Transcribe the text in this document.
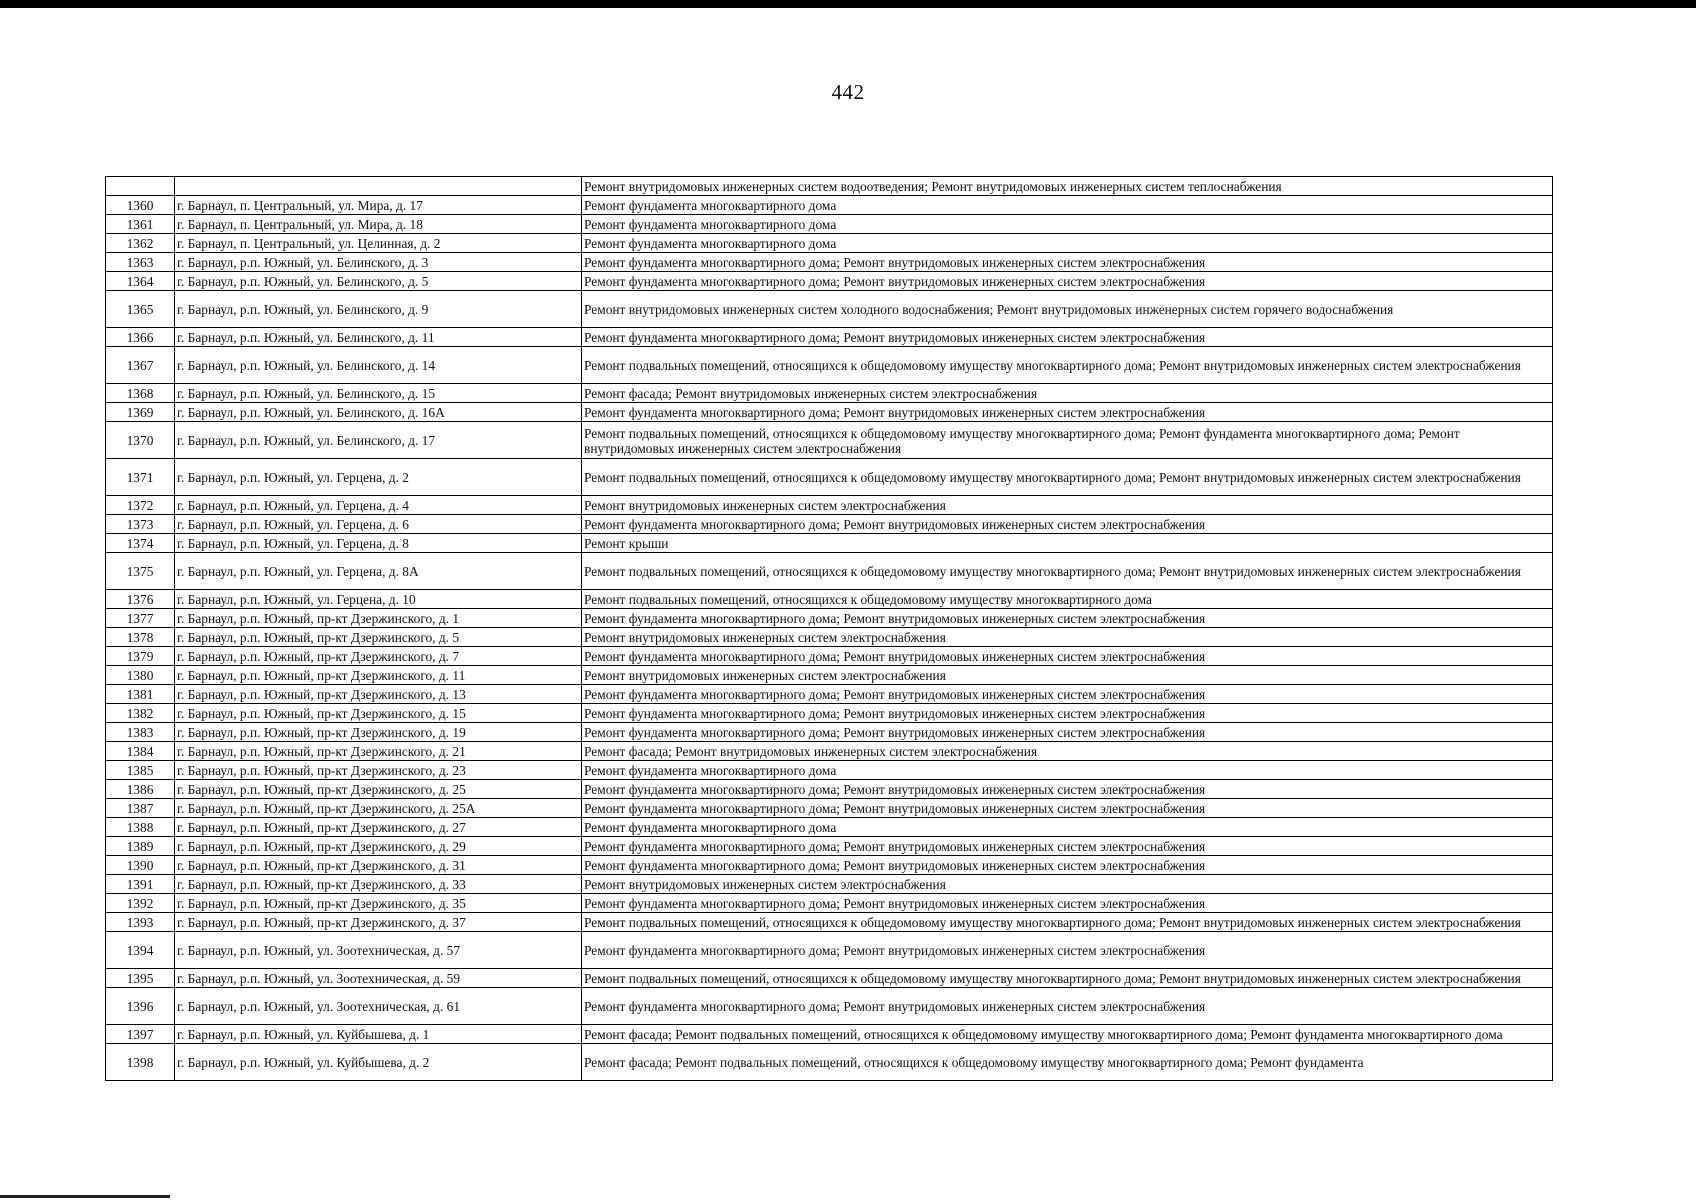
442
		Ремонт внутридомовых инженерных систем водоотведения; Ремонт внутридомовых инженерных систем теплоснабжения
1360	г. Барнаул, п. Центральный, ул. Мира, д. 17	Ремонт фундамента многоквартирного дома
1361	г. Барнаул, п. Центральный, ул. Мира, д. 18	Ремонт фундамента многоквартирного дома
1362	г. Барнаул, п. Центральный, ул. Целинная, д. 2	Ремонт фундамента многоквартирного дома
1363	г. Барнаул, р.п. Южный, ул. Белинского, д. 3	Ремонт фундамента многоквартирного дома; Ремонт внутридомовых инженерных систем электроснабжения
1364	г. Барнаул, р.п. Южный, ул. Белинского, д. 5	Ремонт фундамента многоквартирного дома; Ремонт внутридомовых инженерных систем электроснабжения
1365	г. Барнаул, р.п. Южный, ул. Белинского, д. 9	Ремонт внутридомовых инженерных систем холодного водоснабжения; Ремонт внутридомовых инженерных систем горячего водоснабжения
1366	г. Барнаул, р.п. Южный, ул. Белинского, д. 11	Ремонт фундамента многоквартирного дома; Ремонт внутридомовых инженерных систем электроснабжения
1367	г. Барнаул, р.п. Южный, ул. Белинского, д. 14	Ремонт подвальных помещений, относящихся к общедомовому имуществу многоквартирного дома; Ремонт внутридомовых инженерных систем электроснабжения
1368	г. Барнаул, р.п. Южный, ул. Белинского, д. 15	Ремонт фасада; Ремонт внутридомовых инженерных систем электроснабжения
1369	г. Барнаул, р.п. Южный, ул. Белинского, д. 16А	Ремонт фундамента многоквартирного дома; Ремонт внутридомовых инженерных систем электроснабжения
1370	г. Барнаул, р.п. Южный, ул. Белинского, д. 17	Ремонт подвальных помещений, относящихся к общедомовому имуществу многоквартирного дома; Ремонт фундамента многоквартирного дома; Ремонт внутридомовых инженерных систем электроснабжения
1371	г. Барнаул, р.п. Южный, ул. Герцена, д. 2	Ремонт подвальных помещений, относящихся к общедомовому имуществу многоквартирного дома; Ремонт внутридомовых инженерных систем электроснабжения
1372	г. Барнаул, р.п. Южный, ул. Герцена, д. 4	Ремонт внутридомовых инженерных систем электроснабжения
1373	г. Барнаул, р.п. Южный, ул. Герцена, д. 6	Ремонт фундамента многоквартирного дома; Ремонт внутридомовых инженерных систем электроснабжения
1374	г. Барнаул, р.п. Южный, ул. Герцена, д. 8	Ремонт крыши
1375	г. Барнаул, р.п. Южный, ул. Герцена, д. 8А	Ремонт подвальных помещений, относящихся к общедомовому имуществу многоквартирного дома; Ремонт внутридомовых инженерных систем электроснабжения
1376	г. Барнаул, р.п. Южный, ул. Герцена, д. 10	Ремонт подвальных помещений, относящихся к общедомовому имуществу многоквартирного дома
1377	г. Барнаул, р.п. Южный, пр-кт Дзержинского, д. 1	Ремонт фундамента многоквартирного дома; Ремонт внутридомовых инженерных систем электроснабжения
1378	г. Барнаул, р.п. Южный, пр-кт Дзержинского, д. 5	Ремонт внутридомовых инженерных систем электроснабжения
1379	г. Барнаул, р.п. Южный, пр-кт Дзержинского, д. 7	Ремонт фундамента многоквартирного дома; Ремонт внутридомовых инженерных систем электроснабжения
1380	г. Барнаул, р.п. Южный, пр-кт Дзержинского, д. 11	Ремонт внутридомовых инженерных систем электроснабжения
1381	г. Барнаул, р.п. Южный, пр-кт Дзержинского, д. 13	Ремонт фундамента многоквартирного дома; Ремонт внутридомовых инженерных систем электроснабжения
1382	г. Барнаул, р.п. Южный, пр-кт Дзержинского, д. 15	Ремонт фундамента многоквартирного дома; Ремонт внутридомовых инженерных систем электроснабжения
1383	г. Барнаул, р.п. Южный, пр-кт Дзержинского, д. 19	Ремонт фундамента многоквартирного дома; Ремонт внутридомовых инженерных систем электроснабжения
1384	г. Барнаул, р.п. Южный, пр-кт Дзержинского, д. 21	Ремонт фасада; Ремонт внутридомовых инженерных систем электроснабжения
1385	г. Барнаул, р.п. Южный, пр-кт Дзержинского, д. 23	Ремонт фундамента многоквартирного дома
1386	г. Барнаул, р.п. Южный, пр-кт Дзержинского, д. 25	Ремонт фундамента многоквартирного дома; Ремонт внутридомовых инженерных систем электроснабжения
1387	г. Барнаул, р.п. Южный, пр-кт Дзержинского, д. 25А	Ремонт фундамента многоквартирного дома; Ремонт внутридомовых инженерных систем электроснабжения
1388	г. Барнаул, р.п. Южный, пр-кт Дзержинского, д. 27	Ремонт фундамента многоквартирного дома
1389	г. Барнаул, р.п. Южный, пр-кт Дзержинского, д. 29	Ремонт фундамента многоквартирного дома; Ремонт внутридомовых инженерных систем электроснабжения
1390	г. Барнаул, р.п. Южный, пр-кт Дзержинского, д. 31	Ремонт фундамента многоквартирного дома; Ремонт внутридомовых инженерных систем электроснабжения
1391	г. Барнаул, р.п. Южный, пр-кт Дзержинского, д. 33	Ремонт внутридомовых инженерных систем электроснабжения
1392	г. Барнаул, р.п. Южный, пр-кт Дзержинского, д. 35	Ремонт фундамента многоквартирного дома; Ремонт внутридомовых инженерных систем электроснабжения
1393	г. Барнаул, р.п. Южный, пр-кт Дзержинского, д. 37	Ремонт подвальных помещений, относящихся к общедомовому имуществу многоквартирного дома; Ремонт внутридомовых инженерных систем электроснабжения
1394	г. Барнаул, р.п. Южный, ул. Зоотехническая, д. 57	Ремонт фундамента многоквартирного дома; Ремонт внутридомовых инженерных систем электроснабжения
1395	г. Барнаул, р.п. Южный, ул. Зоотехническая, д. 59	Ремонт подвальных помещений, относящихся к общедомовому имуществу многоквартирного дома; Ремонт внутридомовых инженерных систем электроснабжения
1396	г. Барнаул, р.п. Южный, ул. Зоотехническая, д. 61	Ремонт фундамента многоквартирного дома; Ремонт внутридомовых инженерных систем электроснабжения
1397	г. Барнаул, р.п. Южный, ул. Куйбышева, д. 1	Ремонт фасада; Ремонт подвальных помещений, относящихся к общедомовому имуществу многоквартирного дома; Ремонт фундамента многоквартирного дома
1398	г. Барнаул, р.п. Южный, ул. Куйбышева, д. 2	Ремонт фасада; Ремонт подвальных помещений, относящихся к общедомовому имуществу многоквартирного дома; Ремонт фундамента
